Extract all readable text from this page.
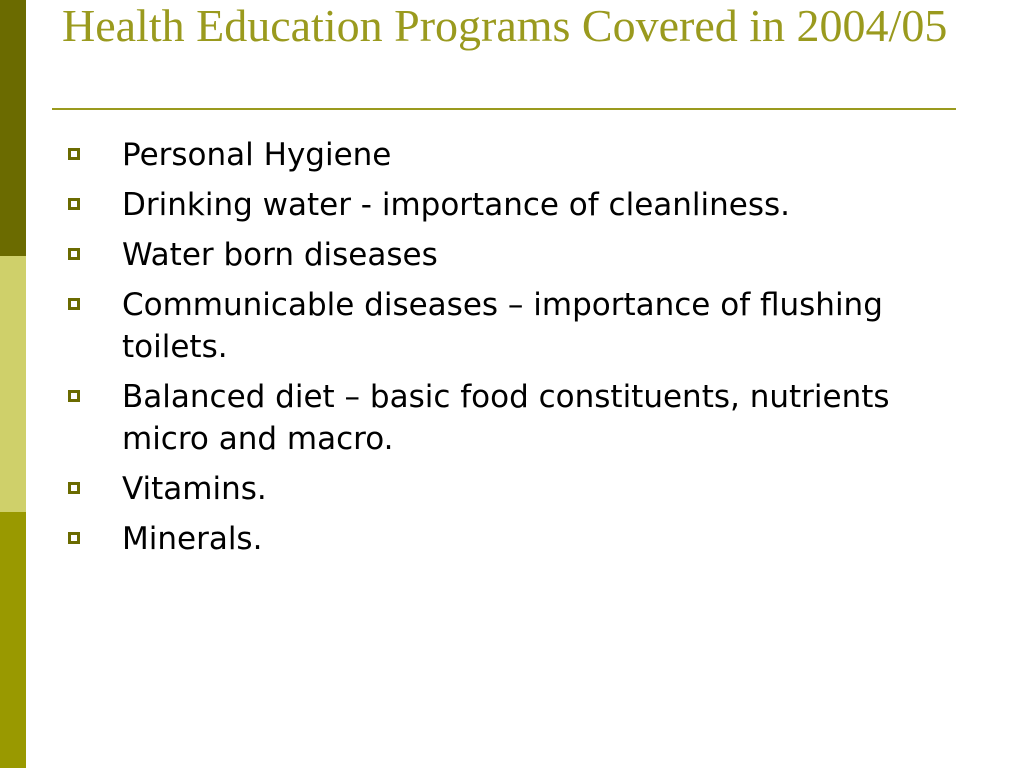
Health Education Programs Covered in 2004/05
Personal Hygiene
Drinking water - importance of cleanliness.
Water born diseases
Communicable diseases – importance of flushing toilets.
Balanced diet – basic food constituents, nutrients micro and macro.
Vitamins.
Minerals.
